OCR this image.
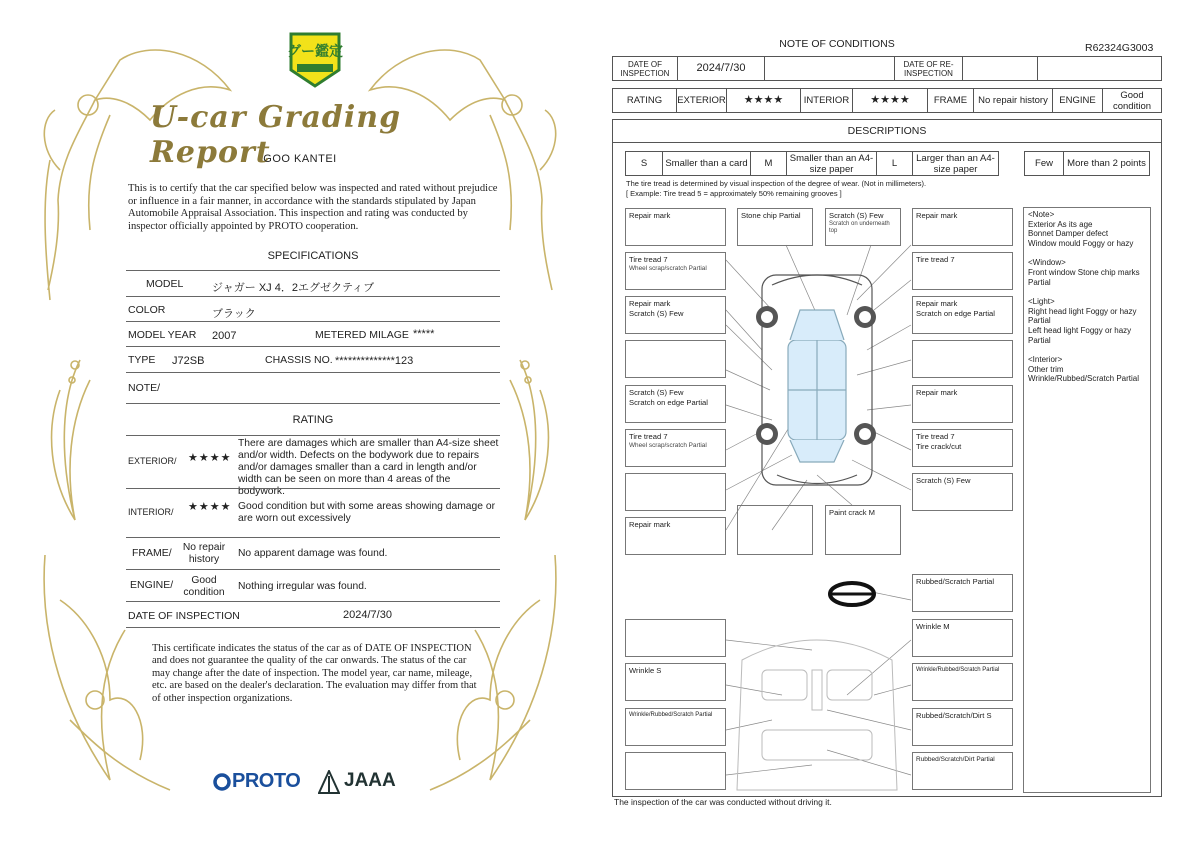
グー鑑定
U-car Grading Report
GOO KANTEI
This is to certify that the car specified below was inspected and rated without prejudice or influence in a fair manner, in accordance with the standards stipulated by Japan Automobile Appraisal Association. This inspection and rating was conducted by inspector officially appointed by PROTO cooperation.
SPECIFICATIONS
MODEL	ジャガー XJ 4．2エグゼクティブ
COLOR	ブラック
MODEL YEAR 2007	METERED MILAGE *****
TYPE J72SB	CHASSIS NO. **************123
NOTE/
RATING
EXTERIOR/ ★★★★
There are damages which are smaller than A4-size sheet and/or width. Defects on the bodywork due to repairs and/or damages smaller than a card in length and/or width can be seen on more than 4 areas of the bodywork.
INTERIOR/ ★★★★ Good condition but with some areas showing damage or are worn out excessively
FRAME/	No repair history
No apparent damage was found.
ENGINE/	Good condition
Nothing irregular was found.
DATE OF INSPECTION	2024/7/30
This certificate indicates the status of the car as of DATE OF INSPECTION and does not guarantee the quality of the car onwards. The status of the car may change after the date of inspection. The model year, car name, mileage, etc. are based on the dealer's declaration. The evaluation may differ from that of other inspection organizations.
PROTO JAAA
NOTE OF CONDITIONS	R62324G3003
DATE OF INSPECTION	2024/7/30	DATE OF RE-INSPECTION
RATING	EXTERIOR	★★★★	INTERIOR	★★★★	FRAME	No repair history	ENGINE	Good condition
DESCRIPTIONS
S	Smaller than a card	M	Smaller than an A4-size paper	L	Larger than an A4-size paper	Few	More than 2 points
The tire tread is determined by visual inspection of the degree of wear. (Not in millimeters).
[ Example: Tire tread 5 = approximately 50% remaining grooves ]
Repair mark
Tire tread 7
Wheel scrap/scratch Partial
Repair mark
Scratch (S) Few
Scratch (S) Few
Scratch on edge Partial
Tire tread 7
Wheel scrap/scratch Partial
Repair mark
Stone chip Partial	Scratch (S) Few
Scratch on underneath top
Paint crack M
Repair mark
Tire tread 7
Repair mark
Scratch on edge Partial
Repair mark
Tire tread 7
Tire crack/cut
Scratch (S) Few
Rubbed/Scratch Partial
Wrinkle M
Wrinkle/Rubbed/Scratch Partial
Rubbed/Scratch/Dirt S
Rubbed/Scratch/Dirt Partial
Wrinkle S
Wrinkle/Rubbed/Scratch Partial

<Note>
Exterior As its age
Bonnet Damper defect
Window mould Foggy or hazy

<Window>
Front window Stone chip marks Partial

<Light>
Right head light Foggy or hazy Partial
Left head light Foggy or hazy Partial

<Interior>
Other trim
Wrinkle/Rubbed/Scratch Partial

The inspection of the car was conducted without driving it.
